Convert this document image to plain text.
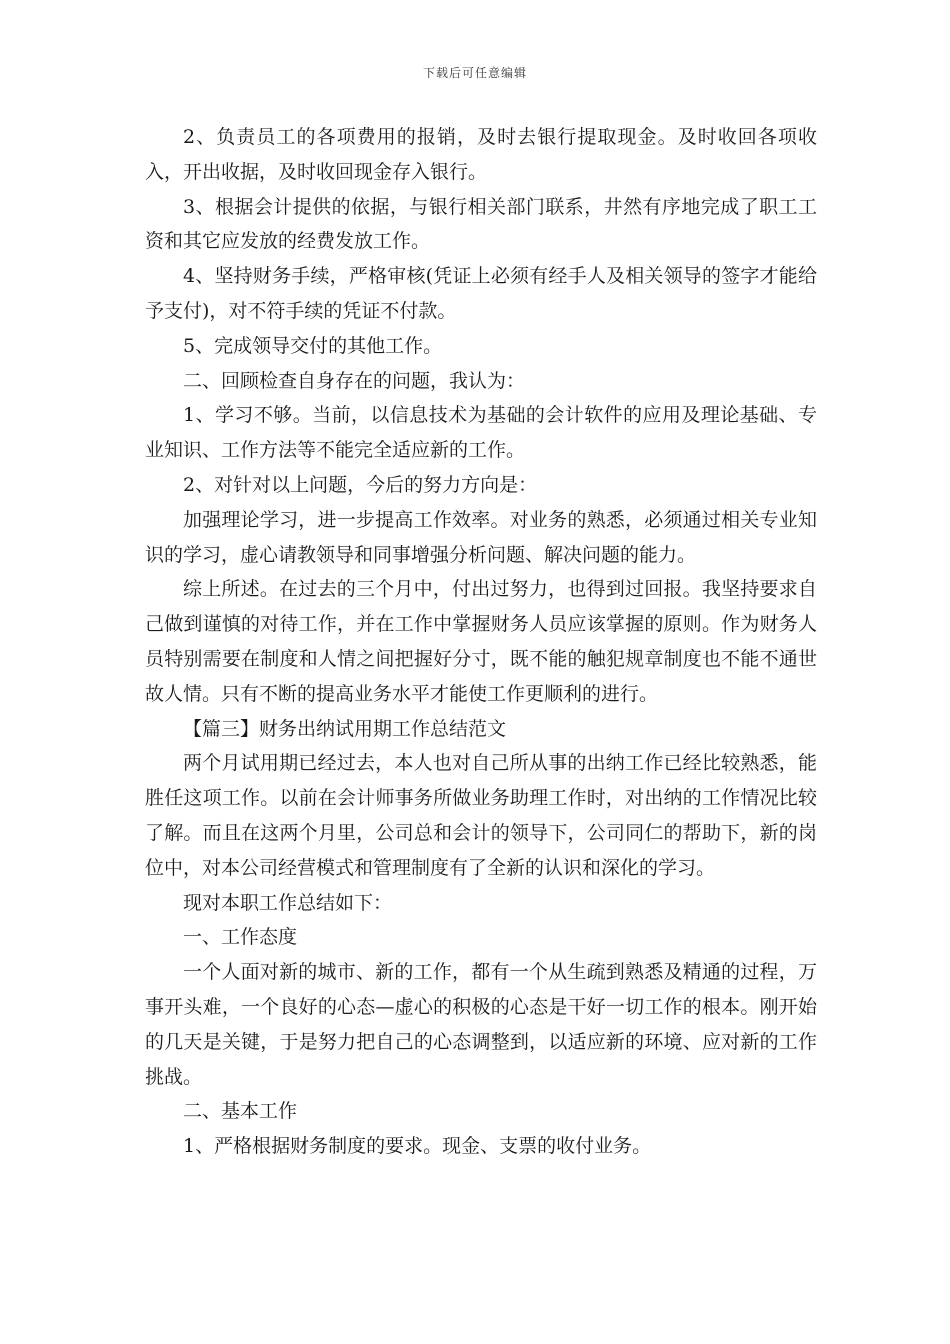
下载后可任意编辑

2、负责员工的各项费用的报销，及时去银行提取现金。及时收回各项收入，开出收据，及时收回现金存入银行。

3、根据会计提供的依据，与银行相关部门联系，井然有序地完成了职工工资和其它应发放的经费发放工作。

4、坚持财务手续，严格审核(凭证上必须有经手人及相关领导的签字才能给予支付)，对不符手续的凭证不付款。

5、完成领导交付的其他工作。

二、回顾检查自身存在的问题，我认为：

1、学习不够。当前，以信息技术为基础的会计软件的应用及理论基础、专业知识、工作方法等不能完全适应新的工作。

2、对针对以上问题，今后的努力方向是：

加强理论学习，进一步提高工作效率。对业务的熟悉，必须通过相关专业知识的学习，虚心请教领导和同事增强分析问题、解决问题的能力。

综上所述。在过去的三个月中，付出过努力，也得到过回报。我坚持要求自己做到谨慎的对待工作，并在工作中掌握财务人员应该掌握的原则。作为财务人员特别需要在制度和人情之间把握好分寸，既不能的触犯规章制度也不能不通世故人情。只有不断的提高业务水平才能使工作更顺利的进行。

【篇三】财务出纳试用期工作总结范文

两个月试用期已经过去，本人也对自己所从事的出纳工作已经比较熟悉，能胜任这项工作。以前在会计师事务所做业务助理工作时，对出纳的工作情况比较了解。而且在这两个月里，公司总和会计的领导下，公司同仁的帮助下，新的岗位中，对本公司经营模式和管理制度有了全新的认识和深化的学习。

现对本职工作总结如下：

一、工作态度

一个人面对新的城市、新的工作，都有一个从生疏到熟悉及精通的过程，万事开头难，一个良好的心态—虚心的积极的心态是干好一切工作的根本。刚开始的几天是关键，于是努力把自己的心态调整到，以适应新的环境、应对新的工作挑战。

二、基本工作

1、严格根据财务制度的要求。现金、支票的收付业务。
